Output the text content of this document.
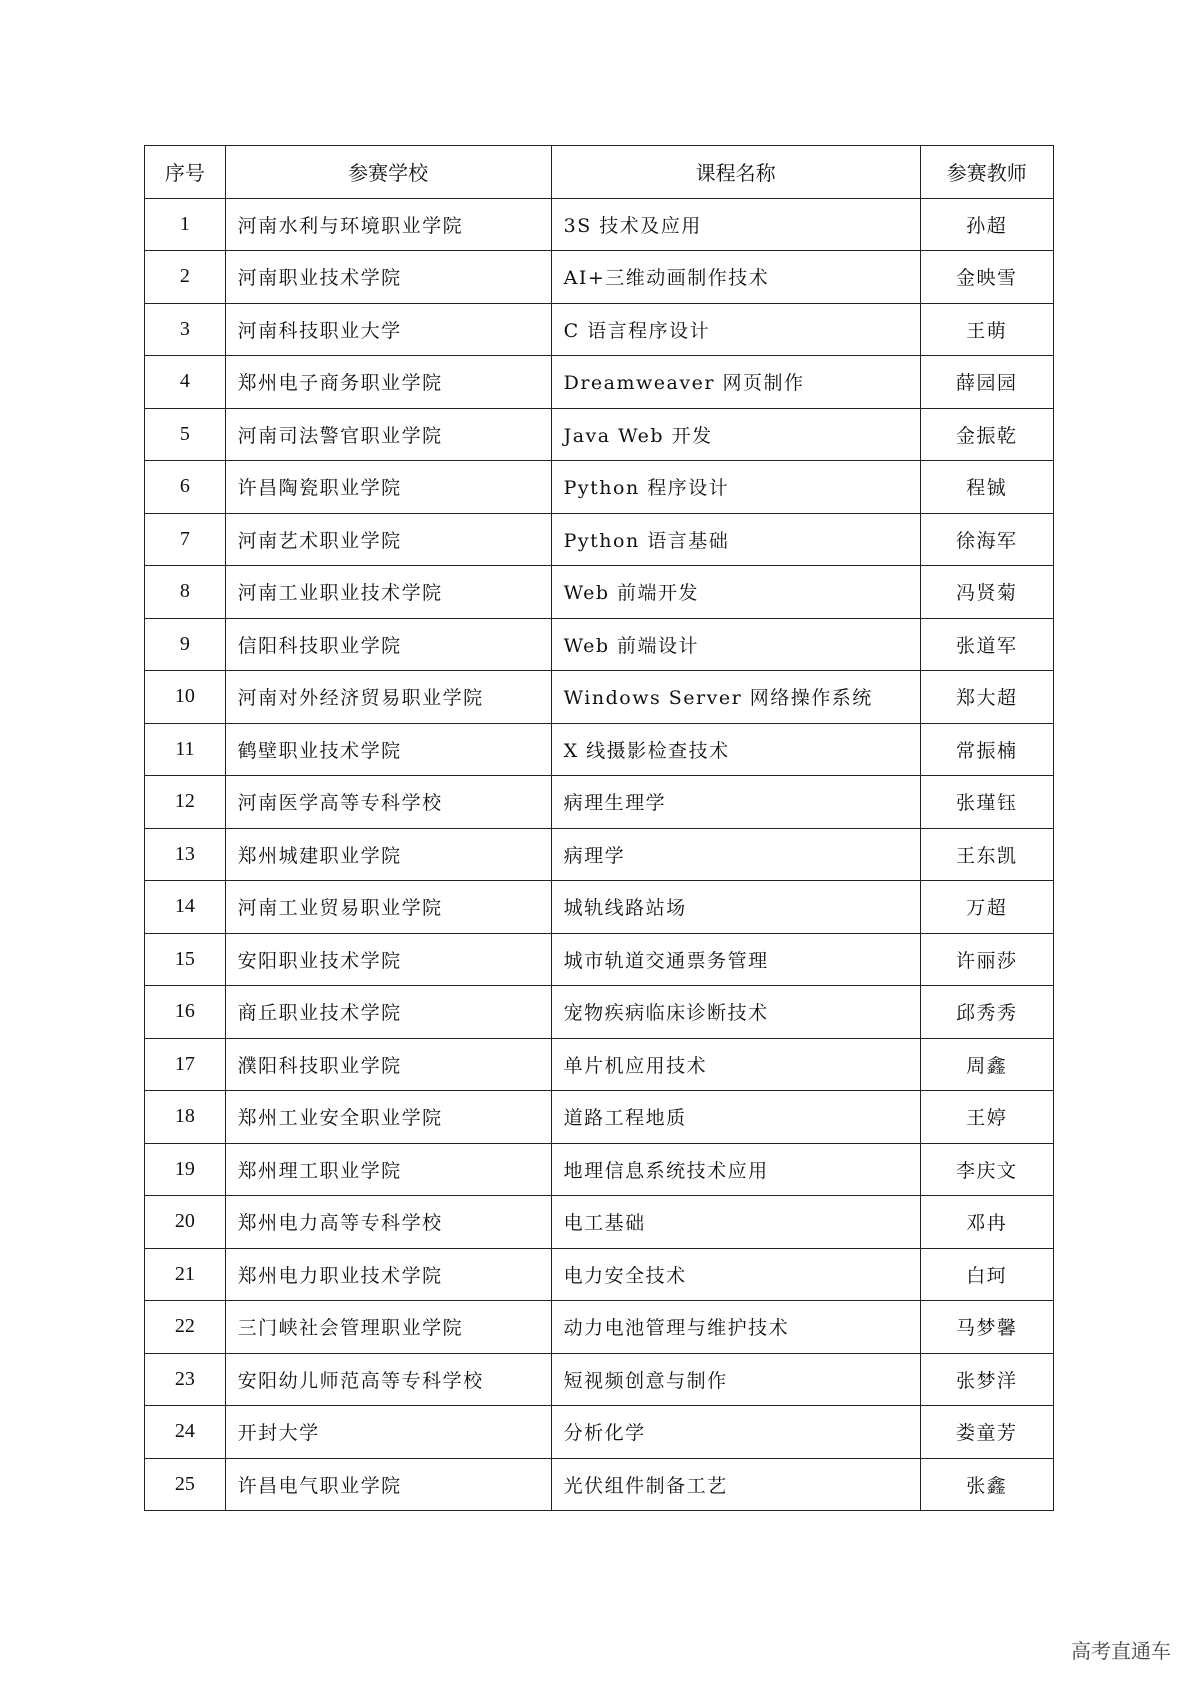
序号	参赛学校	课程名称	参赛教师
1	河南水利与环境职业学院	3S 技术及应用	孙超
2	河南职业技术学院	AI+三维动画制作技术	金映雪
3	河南科技职业大学	C 语言程序设计	王萌
4	郑州电子商务职业学院	Dreamweaver 网页制作	薛园园
5	河南司法警官职业学院	Java Web 开发	金振乾
6	许昌陶瓷职业学院	Python 程序设计	程铖
7	河南艺术职业学院	Python 语言基础	徐海军
8	河南工业职业技术学院	Web 前端开发	冯贤菊
9	信阳科技职业学院	Web 前端设计	张道军
10	河南对外经济贸易职业学院	Windows Server 网络操作系统	郑大超
11	鹤壁职业技术学院	X 线摄影检查技术	常振楠
12	河南医学高等专科学校	病理生理学	张瑾钰
13	郑州城建职业学院	病理学	王东凯
14	河南工业贸易职业学院	城轨线路站场	万超
15	安阳职业技术学院	城市轨道交通票务管理	许丽莎
16	商丘职业技术学院	宠物疾病临床诊断技术	邱秀秀
17	濮阳科技职业学院	单片机应用技术	周鑫
18	郑州工业安全职业学院	道路工程地质	王婷
19	郑州理工职业学院	地理信息系统技术应用	李庆文
20	郑州电力高等专科学校	电工基础	邓冉
21	郑州电力职业技术学院	电力安全技术	白珂
22	三门峡社会管理职业学院	动力电池管理与维护技术	马梦馨
23	安阳幼儿师范高等专科学校	短视频创意与制作	张梦洋
24	开封大学	分析化学	娄童芳
25	许昌电气职业学院	光伏组件制备工艺	张鑫
高考直通车
